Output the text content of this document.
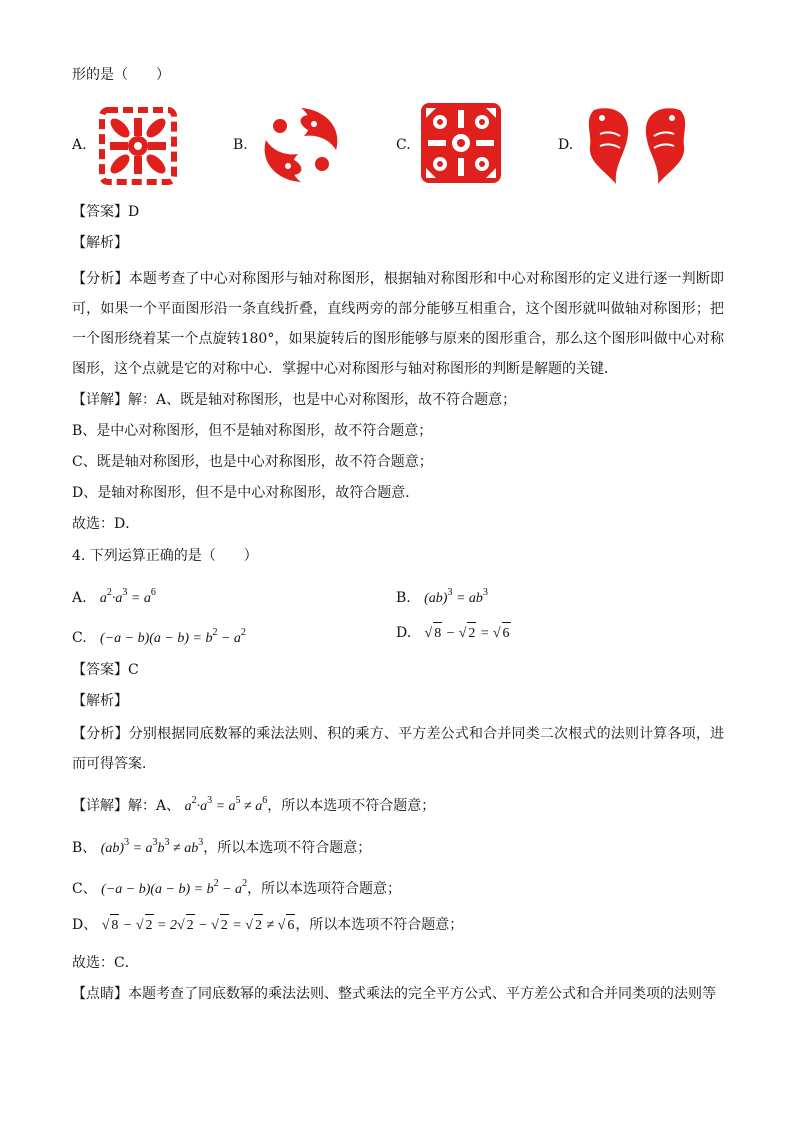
形的是（　　）
A.	B.	C.	D.
【答案】D
【解析】
【分析】本题考查了中心对称图形与轴对称图形，根据轴对称图形和中心对称图形的定义进行逐一判断即可，如果一个平面图形沿一条直线折叠，直线两旁的部分能够互相重合，这个图形就叫做轴对称图形；把一个图形绕着某一个点旋转180°，如果旋转后的图形能够与原来的图形重合，那么这个图形叫做中心对称图形，这个点就是它的对称中心．掌握中心对称图形与轴对称图形的判断是解题的关键．
【详解】解：A、既是轴对称图形，也是中心对称图形，故不符合题意；
B、是中心对称图形，但不是轴对称图形，故不符合题意；
C、既是轴对称图形，也是中心对称图形，故不符合题意；
D、是轴对称图形，但不是中心对称图形，故符合题意．
故选：D．
4. 下列运算正确的是（　　）
A. $a^2\cdot a^3 = a^6$	B. $(ab)^3 = ab^3$
C. $(-a - b)(a - b) = b^2 - a^2$	D. √ 8 − √ 2 = √ 6
【答案】C
【解析】
【分析】分别根据同底数幂的乘法法则、积的乘方、平方差公式和合并同类二次根式的法则计算各项，进而可得答案．
【详解】解：A、 $a^2\cdot a^3 = a^5 \ne a^6$，所以本选项不符合题意；
B、 $(ab)^3 = a^3b^3 \ne ab^3$，所以本选项不符合题意；
C、 $(-a - b)(a - b) = b^2 - a^2$，所以本选项符合题意；
D、 √ 8 − √ 2 = 2√ 2 − √ 2 = √ 2 ≠ √ 6，所以本选项不符合题意；
故选：C．
【点睛】本题考查了同底数幂的乘法法则、整式乘法的完全平方公式、平方差公式和合并同类项的法则等
